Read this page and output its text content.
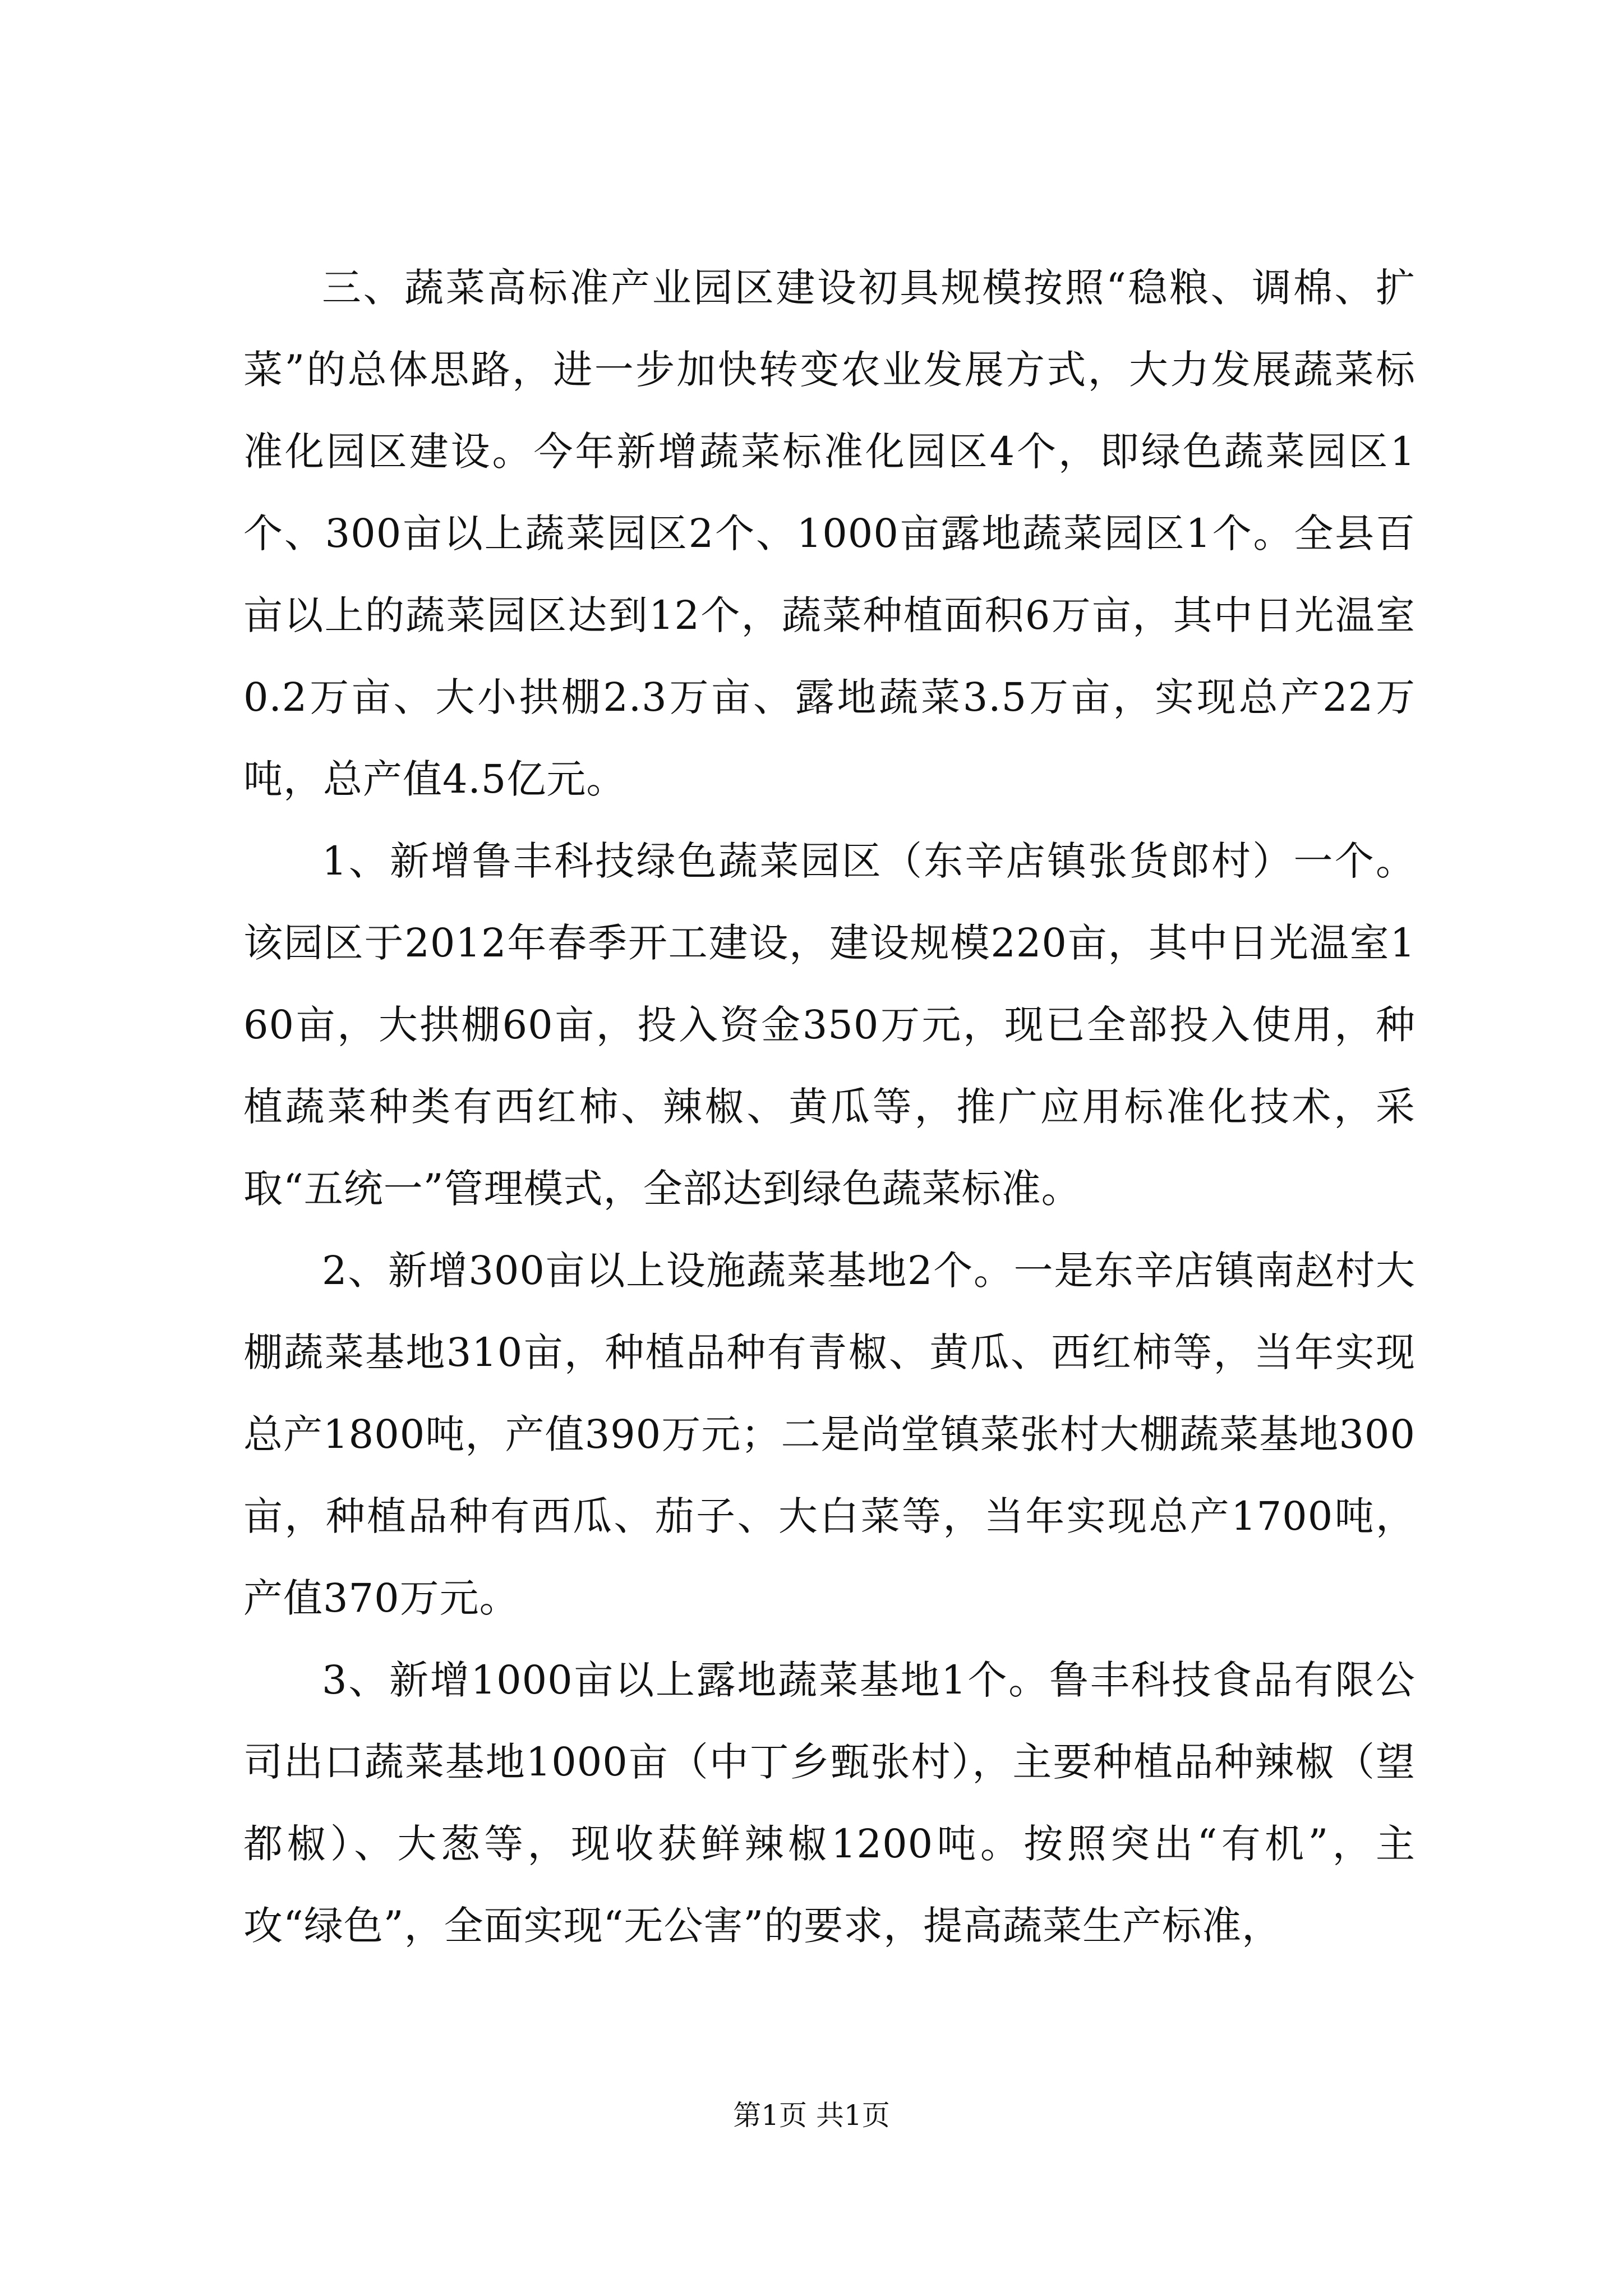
三、蔬菜高标准产业园区建设初具规模按照“稳粮、调棉、扩菜”的总体思路，进一步加快转变农业发展方式，大力发展蔬菜标准化园区建设。今年新增蔬菜标准化园区4个，即绿色蔬菜园区1个、300亩以上蔬菜园区2个、1000亩露地蔬菜园区1个。全县百亩以上的蔬菜园区达到12个，蔬菜种植面积6万亩，其中日光温室0.2万亩、大小拱棚2.3万亩、露地蔬菜3.5万亩，实现总产22万吨，总产值4.5亿元。

1、新增鲁丰科技绿色蔬菜园区（东辛店镇张货郎村）一个。该园区于2012年春季开工建设，建设规模220亩，其中日光温室160亩，大拱棚60亩，投入资金350万元，现已全部投入使用，种植蔬菜种类有西红柿、辣椒、黄瓜等，推广应用标准化技术，采取“五统一”管理模式，全部达到绿色蔬菜标准。

2、新增300亩以上设施蔬菜基地2个。一是东辛店镇南赵村大棚蔬菜基地310亩，种植品种有青椒、黄瓜、西红柿等，当年实现总产1800吨，产值390万元；二是尚堂镇菜张村大棚蔬菜基地300亩，种植品种有西瓜、茄子、大白菜等，当年实现总产1700吨，产值370万元。

3、新增1000亩以上露地蔬菜基地1个。鲁丰科技食品有限公司出口蔬菜基地1000亩（中丁乡甄张村），主要种植品种辣椒（望都椒）、大葱等，现收获鲜辣椒1200吨。按照突出“有机”，主攻“绿色”，全面实现“无公害”的要求，提高蔬菜生产标准，

第1页 共1页
